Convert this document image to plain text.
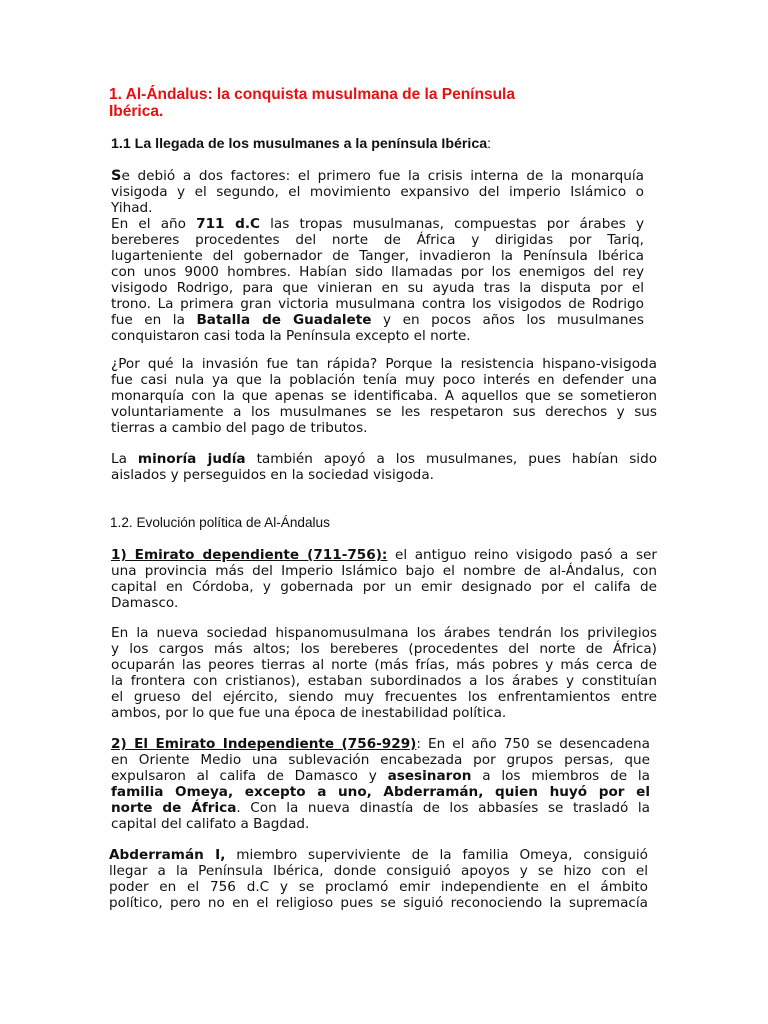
1. Al-Ándalus: la conquista musulmana de la Península
Ibérica.
1.1 La llegada de los musulmanes a la península Ibérica:
Se debió a dos factores: el primero fue la crisis interna de la monarquía
visigoda y el segundo, el movimiento expansivo del imperio Islámico o
Yihad.
En el año 711 d.C las tropas musulmanas, compuestas por árabes y
bereberes procedentes del norte de África y dirigidas por Tariq,
lugarteniente del gobernador de Tanger, invadieron la Península Ibérica
con unos 9000 hombres. Habían sido llamadas por los enemigos del rey
visigodo Rodrigo, para que vinieran en su ayuda tras la disputa por el
trono. La primera gran victoria musulmana contra los visigodos de Rodrigo
fue en la Batalla de Guadalete y en pocos años los musulmanes
conquistaron casi toda la Península excepto el norte.
¿Por qué la invasión fue tan rápida? Porque la resistencia hispano-visigoda
fue casi nula ya que la población tenía muy poco interés en defender una
monarquía con la que apenas se identificaba. A aquellos que se sometieron
voluntariamente a los musulmanes se les respetaron sus derechos y sus
tierras a cambio del pago de tributos.
La minoría judía también apoyó a los musulmanes, pues habían sido
aislados y perseguidos en la sociedad visigoda.
1.2. Evolución política de Al-Ándalus
1) Emirato dependiente (711-756): el antiguo reino visigodo pasó a ser
una provincia más del Imperio Islámico bajo el nombre de al-Ándalus, con
capital en Córdoba, y gobernada por un emir designado por el califa de
Damasco.
En la nueva sociedad hispanomusulmana los árabes tendrán los privilegios
y los cargos más altos; los bereberes (procedentes del norte de África)
ocuparán las peores tierras al norte (más frías, más pobres y más cerca de
la frontera con cristianos), estaban subordinados a los árabes y constituían
el grueso del ejército, siendo muy frecuentes los enfrentamientos entre
ambos, por lo que fue una época de inestabilidad política.
2) El Emirato Independiente (756-929): En el año 750 se desencadena
en Oriente Medio una sublevación encabezada por grupos persas, que
expulsaron al califa de Damasco y asesinaron a los miembros de la
familia Omeya, excepto a uno, Abderramán, quien huyó por el
norte de África. Con la nueva dinastía de los abbasíes se trasladó la
capital del califato a Bagdad.
Abderramán I, miembro superviviente de la familia Omeya, consiguió
llegar a la Península Ibérica, donde consiguió apoyos y se hizo con el
poder en el 756 d.C y se proclamó emir independiente en el ámbito
político, pero no en el religioso pues se siguió reconociendo la supremacía
